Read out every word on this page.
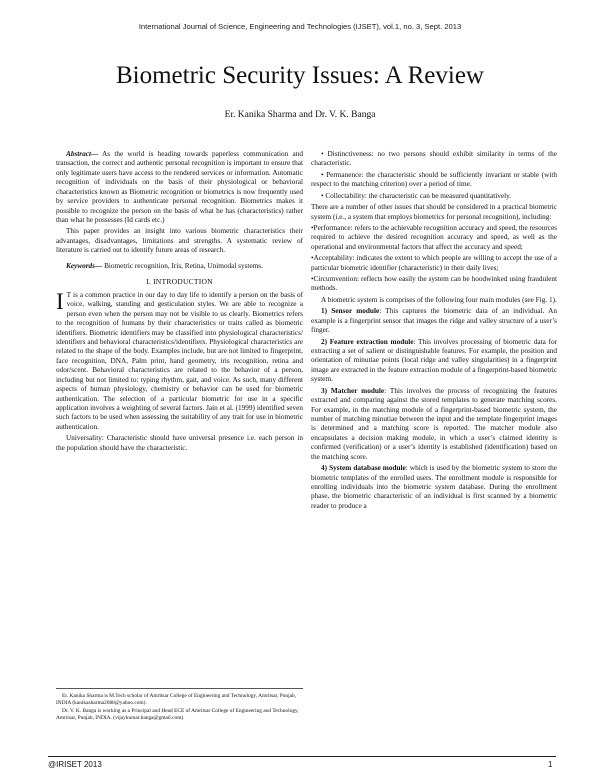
International Journal of Science, Engineering and Technologies (IJSET), vol.1, no. 3, Sept. 2013
Biometric Security Issues: A Review
Er. Kanika Sharma and Dr. V. K. Banga

Abstract— As the world is heading towards paperless communication and transaction, the correct and authentic personal recognition is important to ensure that only legitimate users have access to the rendered services or information. Automatic recognition of individuals on the basis of their physiological or behavioral characteristics known as Biometric recognition or biometrics is now frequently used by service providers to authenticate personal recognition. Biometrics makes it possible to recognize the person on the basis of what he has (characteristics) rather than what he possesses (Id cards etc.)

This paper provides an insight into various biometric characteristics their advantages, disadvantages, limitations and strengths. A systematic review of literature is carried out to identify future areas of research.

Keywords— Biometric recognition, Iris, Retina, Unimodal systems.

I. INTRODUCTION

I T is a common practice in our day to day life to identify a person on the basis of voice, walking, standing and gesticulation styles. We are able to recognize a person even when the person may not be visible to us clearly. Biometrics refers to the recognition of humans by their characteristics or traits called as biometric identifiers. Biometric identifiers may be classified into physiological characteristics/ identifiers and behavioral characteristics/identifiers. Physiological characteristics are related to the shape of the body. Examples include, but are not limited to fingerprint, face recognition, DNA, Palm print, hand geometry, iris recognition, retina and odor/scent. Behavioral characteristics are related to the behavior of a person, including but not limited to: typing rhythm, gait, and voice. As such, many different aspects of human physiology, chemistry or behavior can be used for biometric authentication. The selection of a particular biometric for use in a specific application involves a weighting of several factors. Jain et al. (1999) identified seven such factors to be used when assessing the suitability of any trait for use in biometric authentication.

Universality: Characteristic should have universal presence i.e. each person in the population should have the characteristic.

Er. Kanika Sharma is M.Tech scholar of Amritsar College of Engineering and Technology, Amritsar, Punjab, INDIA (kanikasharma2688@yahoo.com).

Dr. V. K. Banga is working as a Principal and Head ECE of Amritsar College of Engineering and Technology, Amritsar, Punjab, INDIA. (vijaykumar.banga@gmail.com).

• Distinctiveness: no two persons should exhibit similarity in terms of the characteristic.

• Permanence: the characteristic should be sufficiently invariant or stable (with respect to the matching criterion) over a period of time.

• Collectability: the characteristic can be measured quantitatively.

There are a number of other issues that should be considered in a practical biometric system (i.e., a system that employs biometrics for personal recognition), including:

•Performance: refers to the achievable recognition accuracy and speed, the resources required to achieve the desired recognition accuracy and speed, as well as the operational and environmental factors that affect the accuracy and speed;

•Acceptability: indicates the extent to which people are willing to accept the use of a particular biometric identifier (characteristic) in their daily lives;

•Circumvention: reflects how easily the system can be hoodwinked using fraudulent methods.

A biometric system is comprises of the following four main modules (see Fig. 1).

1) Sensor module: This captures the biometric data of an individual. An example is a fingerprint sensor that images the ridge and valley structure of a user’s finger.

2) Feature extraction module: This involves processing of biometric data for extracting a set of salient or distinguishable features. For example, the position and orientation of minutiae points (local ridge and valley singularities) in a fingerprint image are extracted in the feature extraction module of a fingerprint-based biometric system.

3) Matcher module: This involves the process of recognizing the features extracted and comparing against the stored templates to generate matching scores. For example, in the matching module of a fingerprint-based biometric system, the number of matching minutiae between the input and the template fingerprint images is determined and a matching score is reported. The matcher module also encapsulates a decision making module, in which a user’s claimed identity is confirmed (verification) or a user’s identity is established (identification) based on the matching score.

4) System database module: which is used by the biometric system to store the biometric templates of the enrolled users. The enrollment module is responsible for enrolling individuals into the biometric system database. During the enrollment phase, the biometric characteristic of an individual is first scanned by a biometric reader to produce a

@IRISET 2013	1
